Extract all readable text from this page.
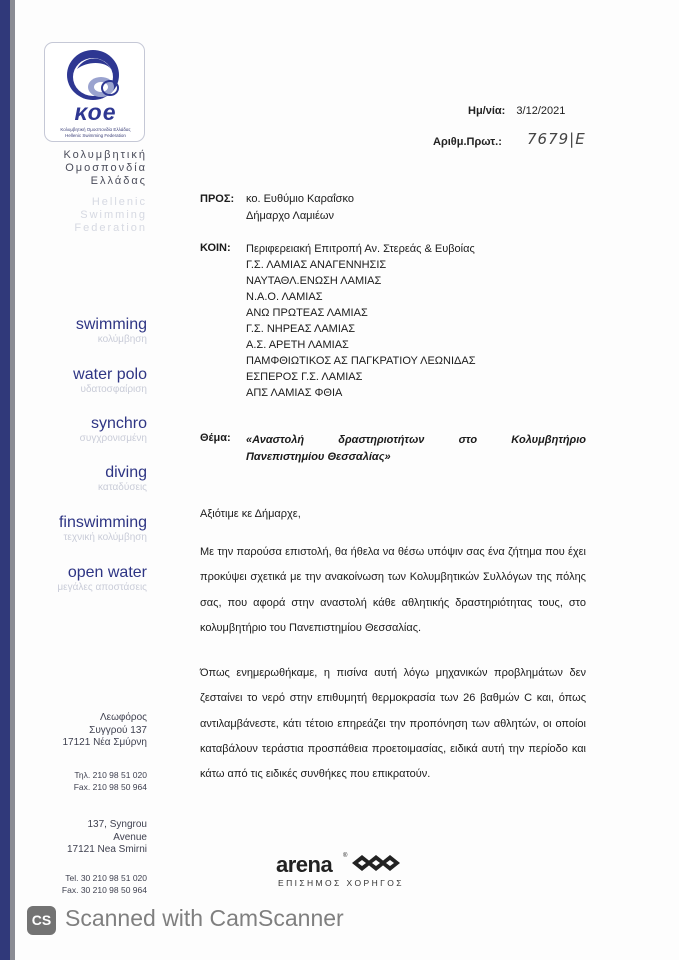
κοe
Κολυμβητική Ομοσπονδία Ελλάδας
Hellenic Swimming Federation
Κολυμβητική
Ομοσπονδία
Ελλάδας
Hellenic
Swimming
Federation
swimming
κολύμβηση
water polo
υδατοσφαίριση
synchro
συγχρονισμένη
diving
καταδύσεις
finswimming
τεχνική κολύμβηση
open water
μεγάλες αποστάσεις
Λεωφόρος
Συγγρού 137
17121 Νέα Σμύρνη
Τηλ. 210 98 51 020
Fax. 210 98 50 964
137, Syngrou
Avenue
17121 Nea Smirni
Tel. 30 210 98 51 020
Fax. 30 210 98 50 964
Ημ/νία: 3/12/2021
Αριθμ.Πρωτ.: 7679|Ε
ΠΡΟΣ: κο. Ευθύμιο Καραΐσκο
Δήμαρχο Λαμιέων
ΚΟΙΝ: Περιφερειακή Επιτροπή Αν. Στερεάς & Ευβοίας
Γ.Σ. ΛΑΜΙΑΣ ΑΝΑΓΕΝΝΗΣΙΣ
ΝΑΥΤΑΘΛ.ΕΝΩΣΗ ΛΑΜΙΑΣ
Ν.Α.Ο. ΛΑΜΙΑΣ
ΑΝΩ ΠΡΩΤΕΑΣ ΛΑΜΙΑΣ
Γ.Σ. ΝΗΡΕΑΣ ΛΑΜΙΑΣ
Α.Σ. ΑΡΕΤΗ ΛΑΜΙΑΣ
ΠΑΜΦΘΙΩΤΙΚΟΣ ΑΣ ΠΑΓΚΡΑΤΙΟΥ ΛΕΩΝΙΔΑΣ
ΕΣΠΕΡΟΣ Γ.Σ. ΛΑΜΙΑΣ
ΑΠΣ ΛΑΜΙΑΣ ΦΘΙΑ
Θέμα: «Αναστολή	δραστηριοτήτων	στο	Κολυμβητήριο
Πανεπιστημίου Θεσσαλίας»
Αξιότιμε κε Δήμαρχε,
Με την παρούσα επιστολή, θα ήθελα να θέσω υπόψιν σας ένα ζήτημα που έχει προκύψει σχετικά με την ανακοίνωση των Κολυμβητικών Συλλόγων της πόλης σας, που αφορά στην αναστολή κάθε αθλητικής δραστηριότητας τους, στο κολυμβητήριο του Πανεπιστημίου Θεσσαλίας.
Όπως ενημερωθήκαμε, η πισίνα αυτή λόγω μηχανικών προβλημάτων δεν ζεσταίνει το νερό στην επιθυμητή θερμοκρασία των 26 βαθμών C και, όπως αντιλαμβάνεστε, κάτι τέτοιο επηρεάζει την προπόνηση των αθλητών, οι οποίοι καταβάλουν τεράστια προσπάθεια προετοιμασίας, ειδικά αυτή την περίοδο και κάτω από τις ειδικές συνθήκες που επικρατούν.
arena ®
ΕΠΙΣΗΜΟΣ ΧΟΡΗΓΟΣ
CS Scanned with CamScanner
